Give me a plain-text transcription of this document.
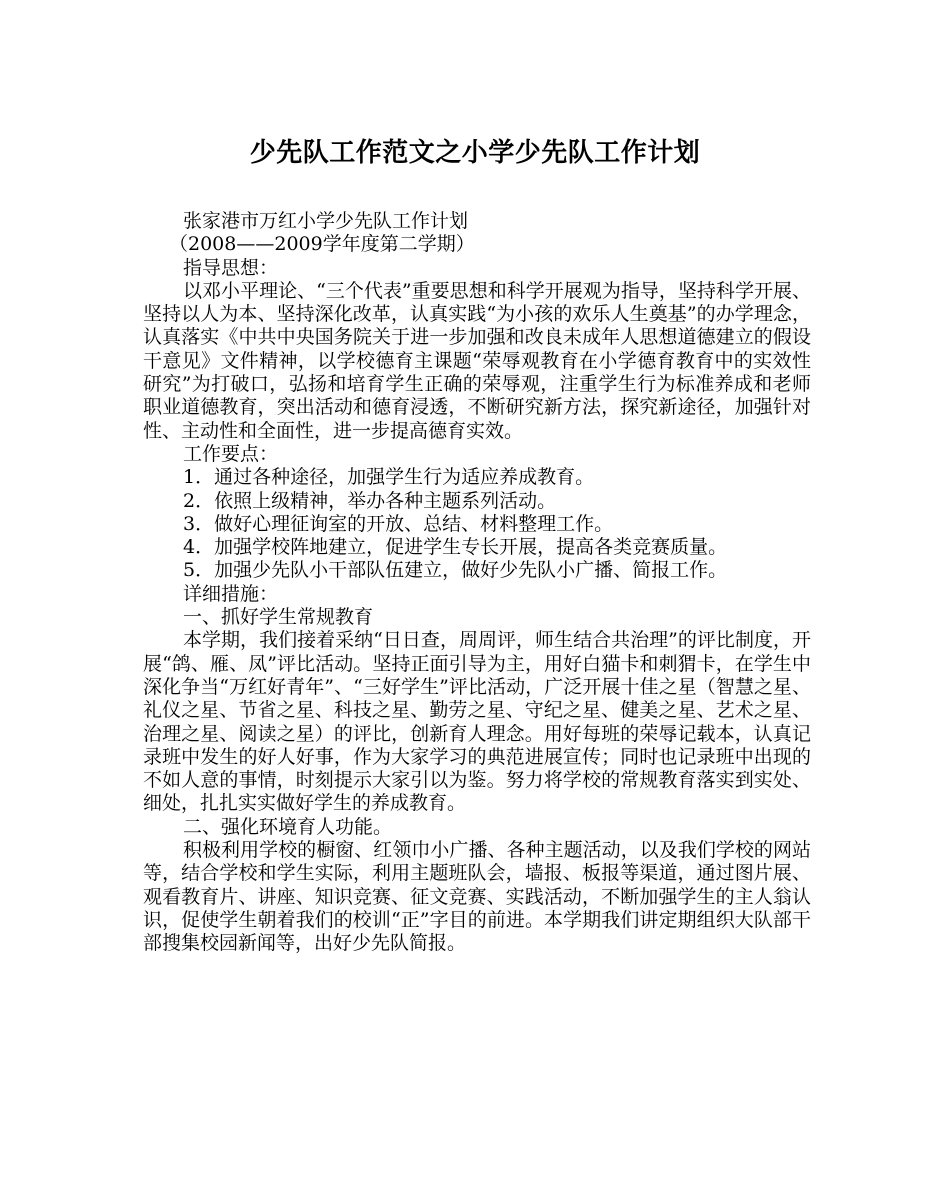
少先队工作范文之小学少先队工作计划

张家港市万红小学少先队工作计划

（2008——2009学年度第二学期）

指导思想：

以邓小平理论、“三个代表”重要思想和科学开展观为指导，坚持科学开展、坚持以人为本、坚持深化改革，认真实践“为小孩的欢乐人生奠基”的办学理念，认真落实《中共中央国务院关于进一步加强和改良未成年人思想道德建立的假设干意见》文件精神，以学校德育主课题“荣辱观教育在小学德育教育中的实效性研究”为打破口，弘扬和培育学生正确的荣辱观，注重学生行为标准养成和老师职业道德教育，突出活动和德育浸透，不断研究新方法，探究新途径，加强针对性、主动性和全面性，进一步提高德育实效。

工作要点：

1．通过各种途径，加强学生行为适应养成教育。

2．依照上级精神，举办各种主题系列活动。

3．做好心理征询室的开放、总结、材料整理工作。

4．加强学校阵地建立，促进学生专长开展，提高各类竞赛质量。

5．加强少先队小干部队伍建立，做好少先队小广播、简报工作。

详细措施：

一、抓好学生常规教育

本学期，我们接着采纳“日日查，周周评，师生结合共治理”的评比制度，开展“鸽、雁、凤”评比活动。坚持正面引导为主，用好白猫卡和刺猬卡，在学生中深化争当“万红好青年”、“三好学生”评比活动，广泛开展十佳之星（智慧之星、礼仪之星、节省之星、科技之星、勤劳之星、守纪之星、健美之星、艺术之星、治理之星、阅读之星）的评比，创新育人理念。用好每班的荣辱记载本，认真记录班中发生的好人好事，作为大家学习的典范进展宣传；同时也记录班中出现的不如人意的事情，时刻提示大家引以为鉴。努力将学校的常规教育落实到实处、细处，扎扎实实做好学生的养成教育。

二、强化环境育人功能。

积极利用学校的橱窗、红领巾小广播、各种主题活动，以及我们学校的网站等，结合学校和学生实际，利用主题班队会，墙报、板报等渠道，通过图片展、观看教育片、讲座、知识竞赛、征文竞赛、实践活动，不断加强学生的主人翁认识，促使学生朝着我们的校训“正”字目的前进。本学期我们讲定期组织大队部干部搜集校园新闻等，出好少先队简报。
